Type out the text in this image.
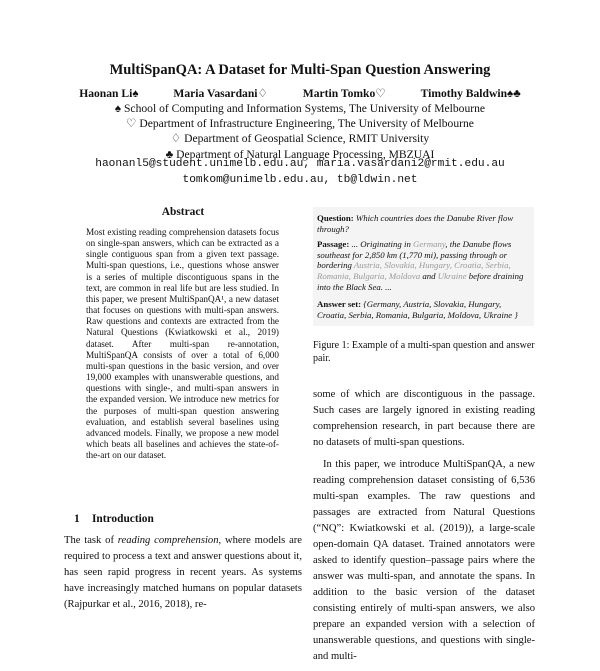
MultiSpanQA: A Dataset for Multi-Span Question Answering
Haonan Li♠	Maria Vasardani♢	Martin Tomko♡	Timothy Baldwin♠♣
♠ School of Computing and Information Systems, The University of Melbourne
♡ Department of Infrastructure Engineering, The University of Melbourne
♢ Department of Geospatial Science, RMIT University
♣ Department of Natural Language Processing, MBZUAI
haonanl5@student.unimelb.edu.au, maria.vasardani2@rmit.edu.au
tomkom@unimelb.edu.au, tb@ldwin.net
Abstract
Most existing reading comprehension datasets focus on single-span answers, which can be extracted as a single contiguous span from a given text passage. Multi-span questions, i.e., questions whose answer is a series of multiple discontiguous spans in the text, are common in real life but are less studied. In this paper, we present MultiSpanQA¹, a new dataset that focuses on questions with multi-span answers. Raw questions and contexts are extracted from the Natural Questions (Kwiatkowski et al., 2019) dataset. After multi-span re-annotation, MultiSpanQA consists of over a total of 6,000 multi-span questions in the basic version, and over 19,000 examples with unanswerable questions, and questions with single-, and multi-span answers in the expanded version. We introduce new metrics for the purposes of multi-span question answering evaluation, and establish several baselines using advanced models. Finally, we propose a new model which beats all baselines and achieves the state-of-the-art on our dataset.
1 Introduction
The task of reading comprehension, where models are required to process a text and answer questions about it, has seen rapid progress in recent years. As systems have increasingly matched humans on popular datasets (Rajpurkar et al., 2016, 2018), re-
Question: Which countries does the Danube River flow through?
Passage: ... Originating in Germany, the Danube flows southeast for 2,850 km (1,770 mi), passing through or bordering Austria, Slovakia, Hungary, Croatia, Serbia, Romania, Bulgaria, Moldova and Ukraine before draining into the Black Sea. ...
Answer set: {Germany, Austria, Slovakia, Hungary, Croatia, Serbia, Romania, Bulgaria, Moldova, Ukraine }
Figure 1: Example of a multi-span question and answer pair.

some of which are discontiguous in the passage. Such cases are largely ignored in existing reading comprehension research, in part because there are no datasets of multi-span questions.

In this paper, we introduce MultiSpanQA, a new reading comprehension dataset consisting of 6,536 multi-span examples. The raw questions and passages are extracted from Natural Questions (“NQ”: Kwiatkowski et al. (2019)), a large-scale open-domain QA dataset. Trained annotators were asked to identify question–passage pairs where the answer was multi-span, and annotate the spans. In addition to the basic version of the dataset consisting entirely of multi-span answers, we also prepare an expanded version with a selection of unanswerable questions, and questions with single- and multi-
